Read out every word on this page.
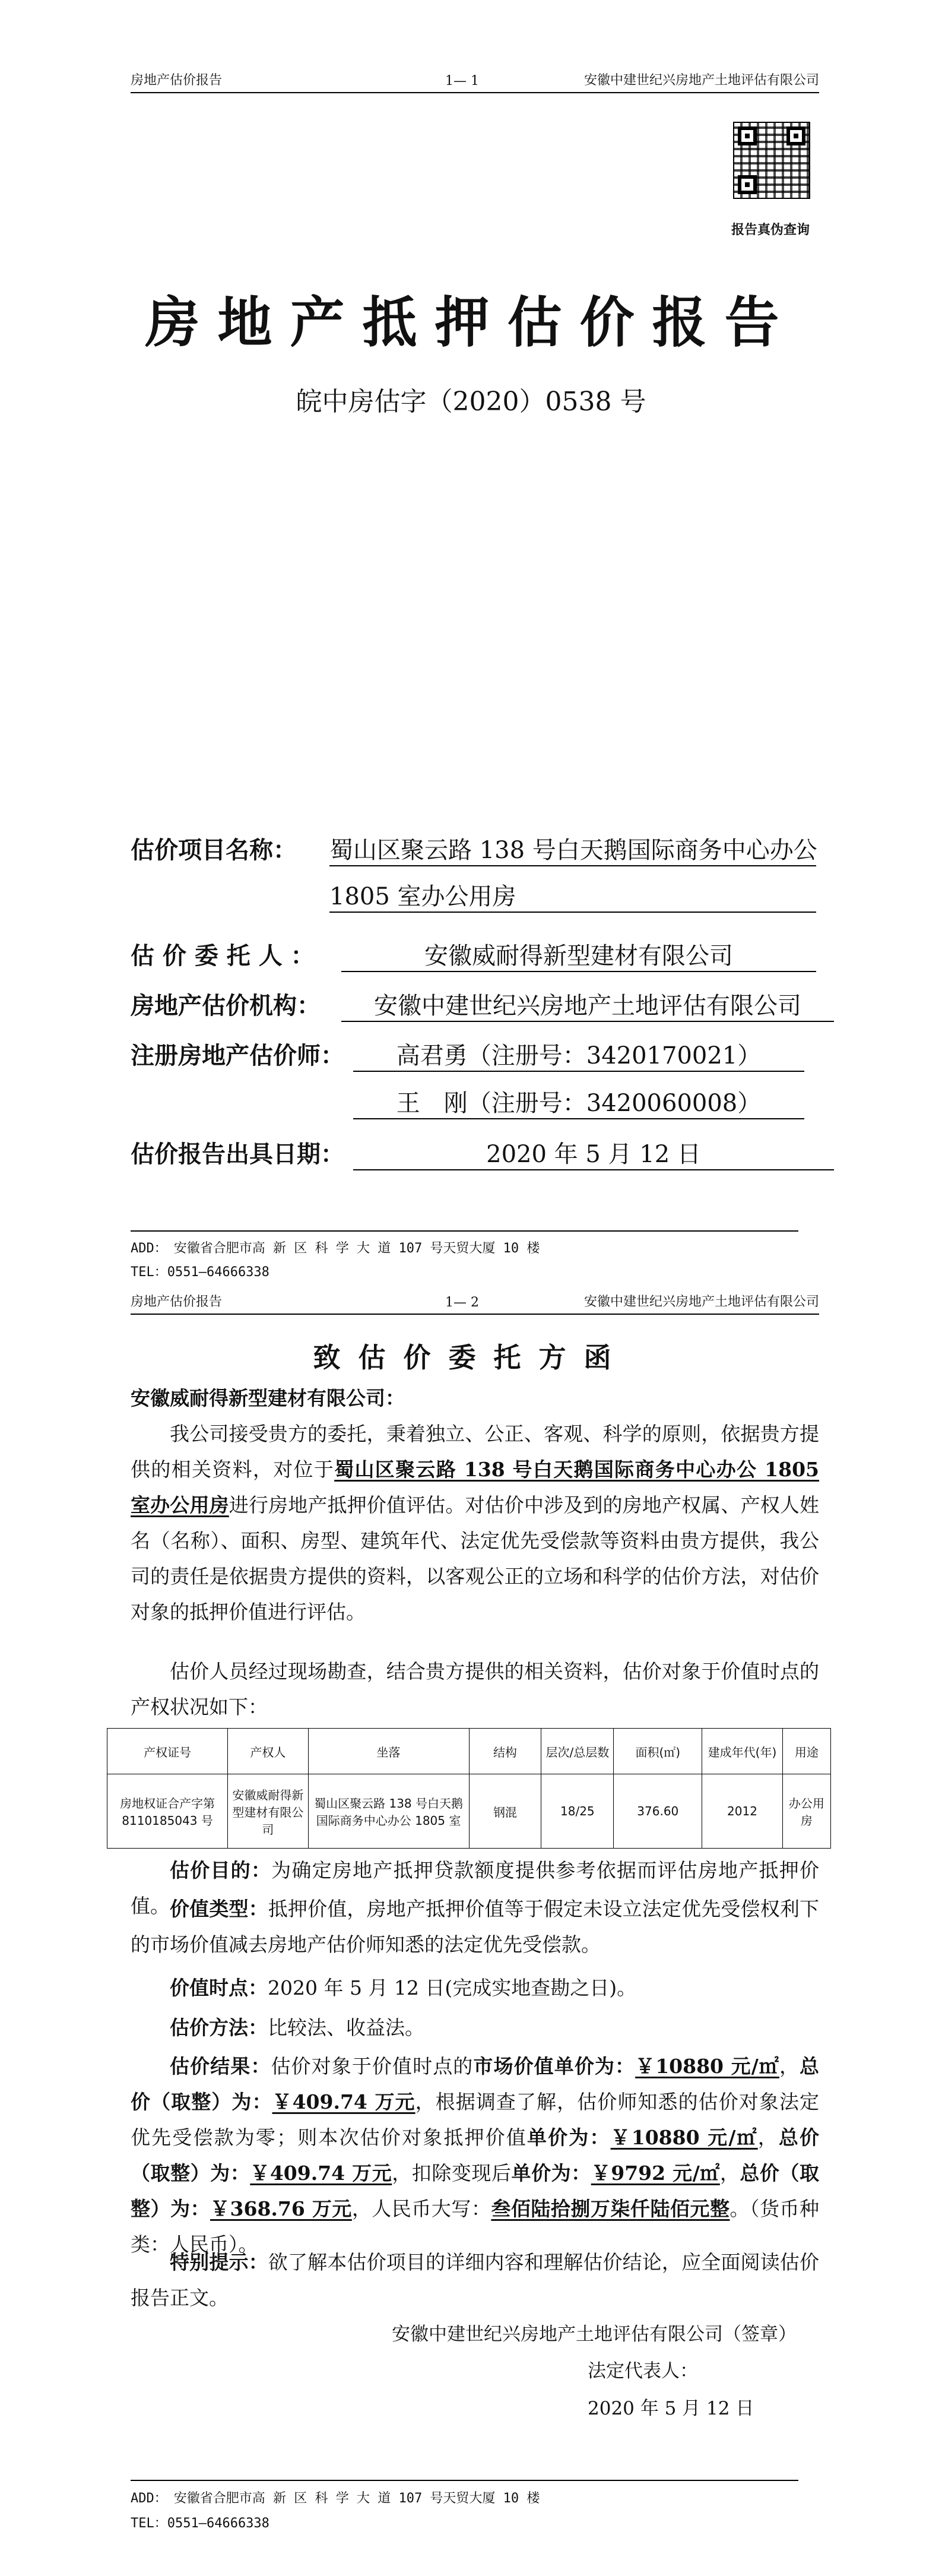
房地产估价报告	1— 1	安徽中建世纪兴房地产土地评估有限公司
报告真伪查询
房地产抵押估价报告
皖中房估字（2020）0538 号
估价项目名称： 蜀山区聚云路 138 号白天鹅国际商务中心办公
1805 室办公用房
估 价 委 托 人 ：	安徽威耐得新型建材有限公司
房地产估价机构：	安徽中建世纪兴房地产土地评估有限公司
注册房地产估价师：	高君勇（注册号：3420170021）
王　刚（注册号：3420060008）
估价报告出具日期：	2020 年 5 月 12 日
ADD：　安徽省合肥市高 新 区 科 学 大 道 107 号天贸大厦 10 楼
TEL：0551—64666338
房地产估价报告	1— 2	安徽中建世纪兴房地产土地评估有限公司
致估价委托方函
安徽威耐得新型建材有限公司：
我公司接受贵方的委托，秉着独立、公正、客观、科学的原则，依据贵方提供的相关资料，对位于蜀山区聚云路 138 号白天鹅国际商务中心办公 1805 室办公用房进行房地产抵押价值评估。对估价中涉及到的房地产权属、产权人姓名（名称）、面积、房型、建筑年代、法定优先受偿款等资料由贵方提供，我公司的责任是依据贵方提供的资料，以客观公正的立场和科学的估价方法，对估价对象的抵押价值进行评估。
估价人员经过现场勘查，结合贵方提供的相关资料，估价对象于价值时点的产权状况如下：
产权证号	产权人	坐落	结构	层次/总层数	面积(㎡)	建成年代(年)	用途
房地权证合产字第 8110185043 号	安徽威耐得新型建材有限公司	蜀山区聚云路 138 号白天鹅国际商务中心办公 1805 室	钢混	18/25	376.60	2012	办公用房
估价目的：为确定房地产抵押贷款额度提供参考依据而评估房地产抵押价值。 价值类型：抵押价值，房地产抵押价值等于假定未设立法定优先受偿权利下的市场价值减去房地产估价师知悉的法定优先受偿款。
价值时点：2020 年 5 月 12 日(完成实地查勘之日)。
估价方法：比较法、收益法。
估价结果：估价对象于价值时点的市场价值单价为：￥10880 元/㎡，总价（取整）为：￥409.74 万元，根据调查了解，估价师知悉的估价对象法定优先受偿款为零；则本次估价对象抵押价值单价为：￥10880 元/㎡，总价（取整）为：￥409.74 万元，扣除变现后单价为：￥9792 元/㎡，总价（取整）为：￥368.76 万元，人民币大写：叁佰陆拾捌万柒仟陆佰元整。（货币种类：人民币）。
特别提示：欲了解本估价项目的详细内容和理解估价结论，应全面阅读估价报告正文。
安徽中建世纪兴房地产土地评估有限公司（签章）
法定代表人：
2020 年 5 月 12 日
ADD：　安徽省合肥市高 新 区 科 学 大 道 107 号天贸大厦 10 楼
TEL：0551—64666338
